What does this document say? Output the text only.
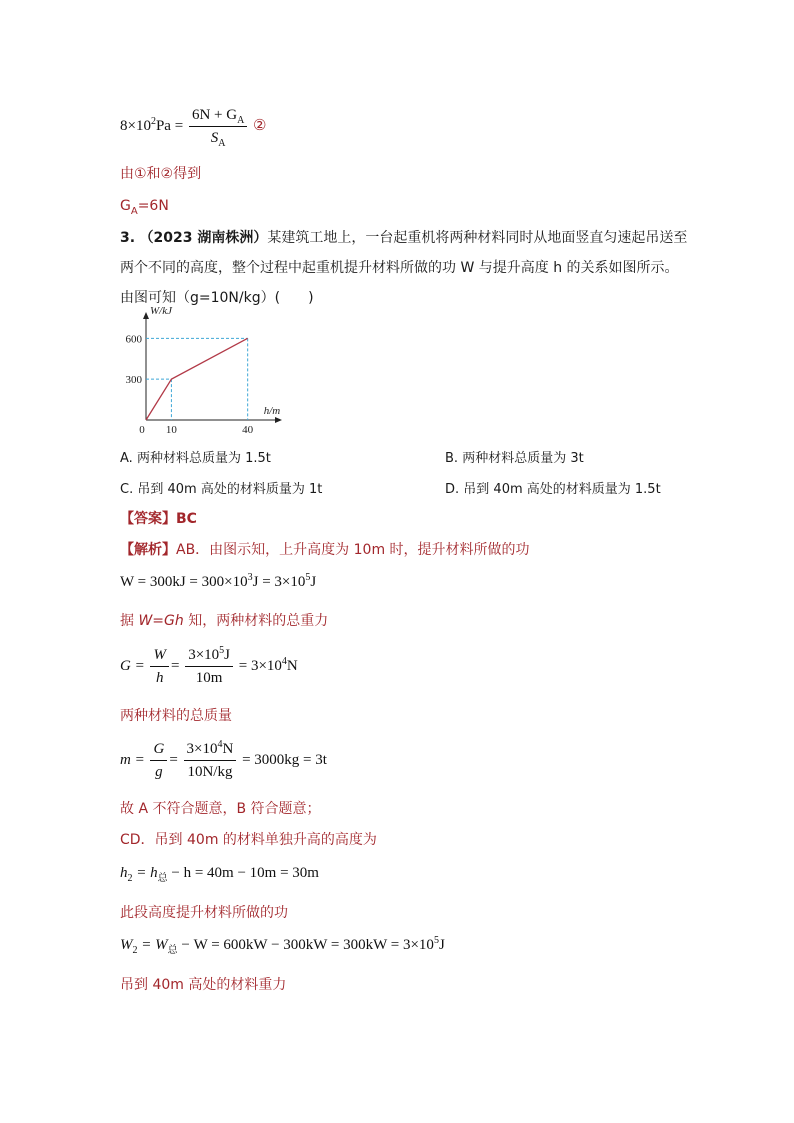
$8\times 10^2Pa = \frac{6N + G_A}{S_A}$ ②
由①和②得到
$G_A=6N$
3. （2023 湖南株洲）某建筑工地上，一台起重机将两种材料同时从地面竖直匀速起吊送至
两个不同的高度，整个过程中起重机提升材料所做的功 W 与提升高度 h 的关系如图所示。
由图可知（g=10N/kg）(　　)
0 10	40
300
600
h/m
W/kJ
A. 两种材料总质量为 1.5t	B. 两种材料总质量为 3t
C. 吊到 40m 高处的材料质量为 1t	D. 吊到 40m 高处的材料质量为 1.5t
【答案】BC
【解析】AB．由图示知，上升高度为 10m 时，提升材料所做的功
$W = 300kJ = 300\times 10^3J = 3\times 10^5J$
据 W=Gh 知，两种材料的总重力
$G = \frac{W}{h} = \frac{3\times 10^5J}{10m} = 3\times 10^4N$
两种材料的总质量
$m = \frac{G}{g} = \frac{3\times 10^4N}{10N/kg} = 3000kg = 3t$
故 A 不符合题意，B 符合题意；
CD．吊到 40m 的材料单独升高的高度为
$h_2 = h_总 - h = 40m - 10m = 30m$
此段高度提升材料所做的功
$W_2 = W_总 - W = 600kW - 300kW = 300kW = 3\times 10^5J$
吊到 40m 高处的材料重力
